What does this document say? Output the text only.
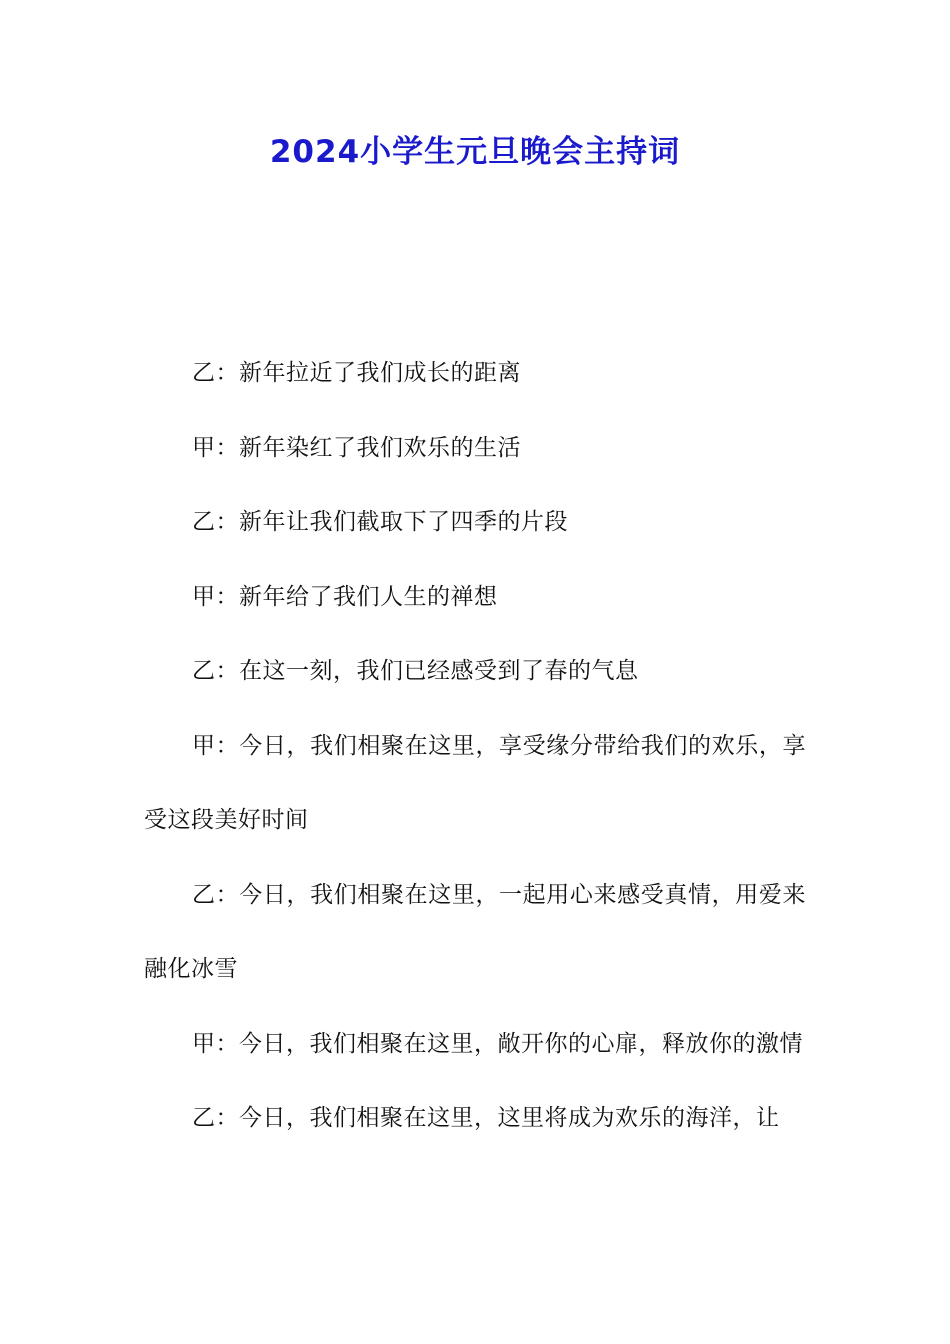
2024小学生元旦晚会主持词

乙：新年拉近了我们成长的距离

甲：新年染红了我们欢乐的生活

乙：新年让我们截取下了四季的片段

甲：新年给了我们人生的禅想

乙：在这一刻，我们已经感受到了春的气息

甲：今日，我们相聚在这里，享受缘分带给我们的欢乐，享受这段美好时间

乙：今日，我们相聚在这里，一起用心来感受真情，用爱来融化冰雪

甲：今日，我们相聚在这里，敞开你的心扉，释放你的激情

乙：今日，我们相聚在这里，这里将成为欢乐的海洋，让
